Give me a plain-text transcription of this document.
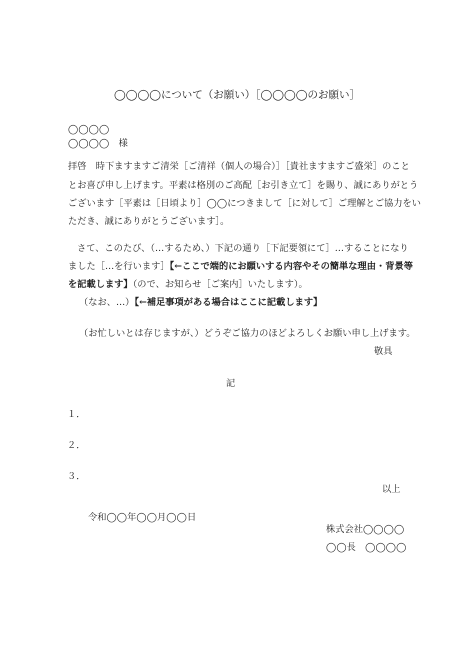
◯◯◯◯について（お願い）［◯◯◯◯のお願い］
◯◯◯◯
◯◯◯◯　様
拝啓　時下ますますご清栄［ご清祥（個人の場合）］［貴社ますますご盛栄］のこと
とお喜び申し上げます。平素は格別のご高配［お引き立て］を賜り、誠にありがとう
ございます［平素は［日頃より］◯◯につきまして［に対して］ご理解とご協力をい
ただき、誠にありがとうございます］。
さて、このたび、（…するため、）下記の通り［下記要領にて］…することになり
ました［…を行います］【←ここで端的にお願いする内容やその簡単な理由・背景等
を記載します】（ので、お知らせ［ご案内］いたします）。
（なお、…）【←補足事項がある場合はここに記載します】
（お忙しいとは存じますが、）どうぞご協力のほどよろしくお願い申し上げます。
敬具
記
１．
２．
３．
以上
令和◯◯年◯◯月◯◯日
株式会社◯◯◯◯
◯◯長　◯◯◯◯
